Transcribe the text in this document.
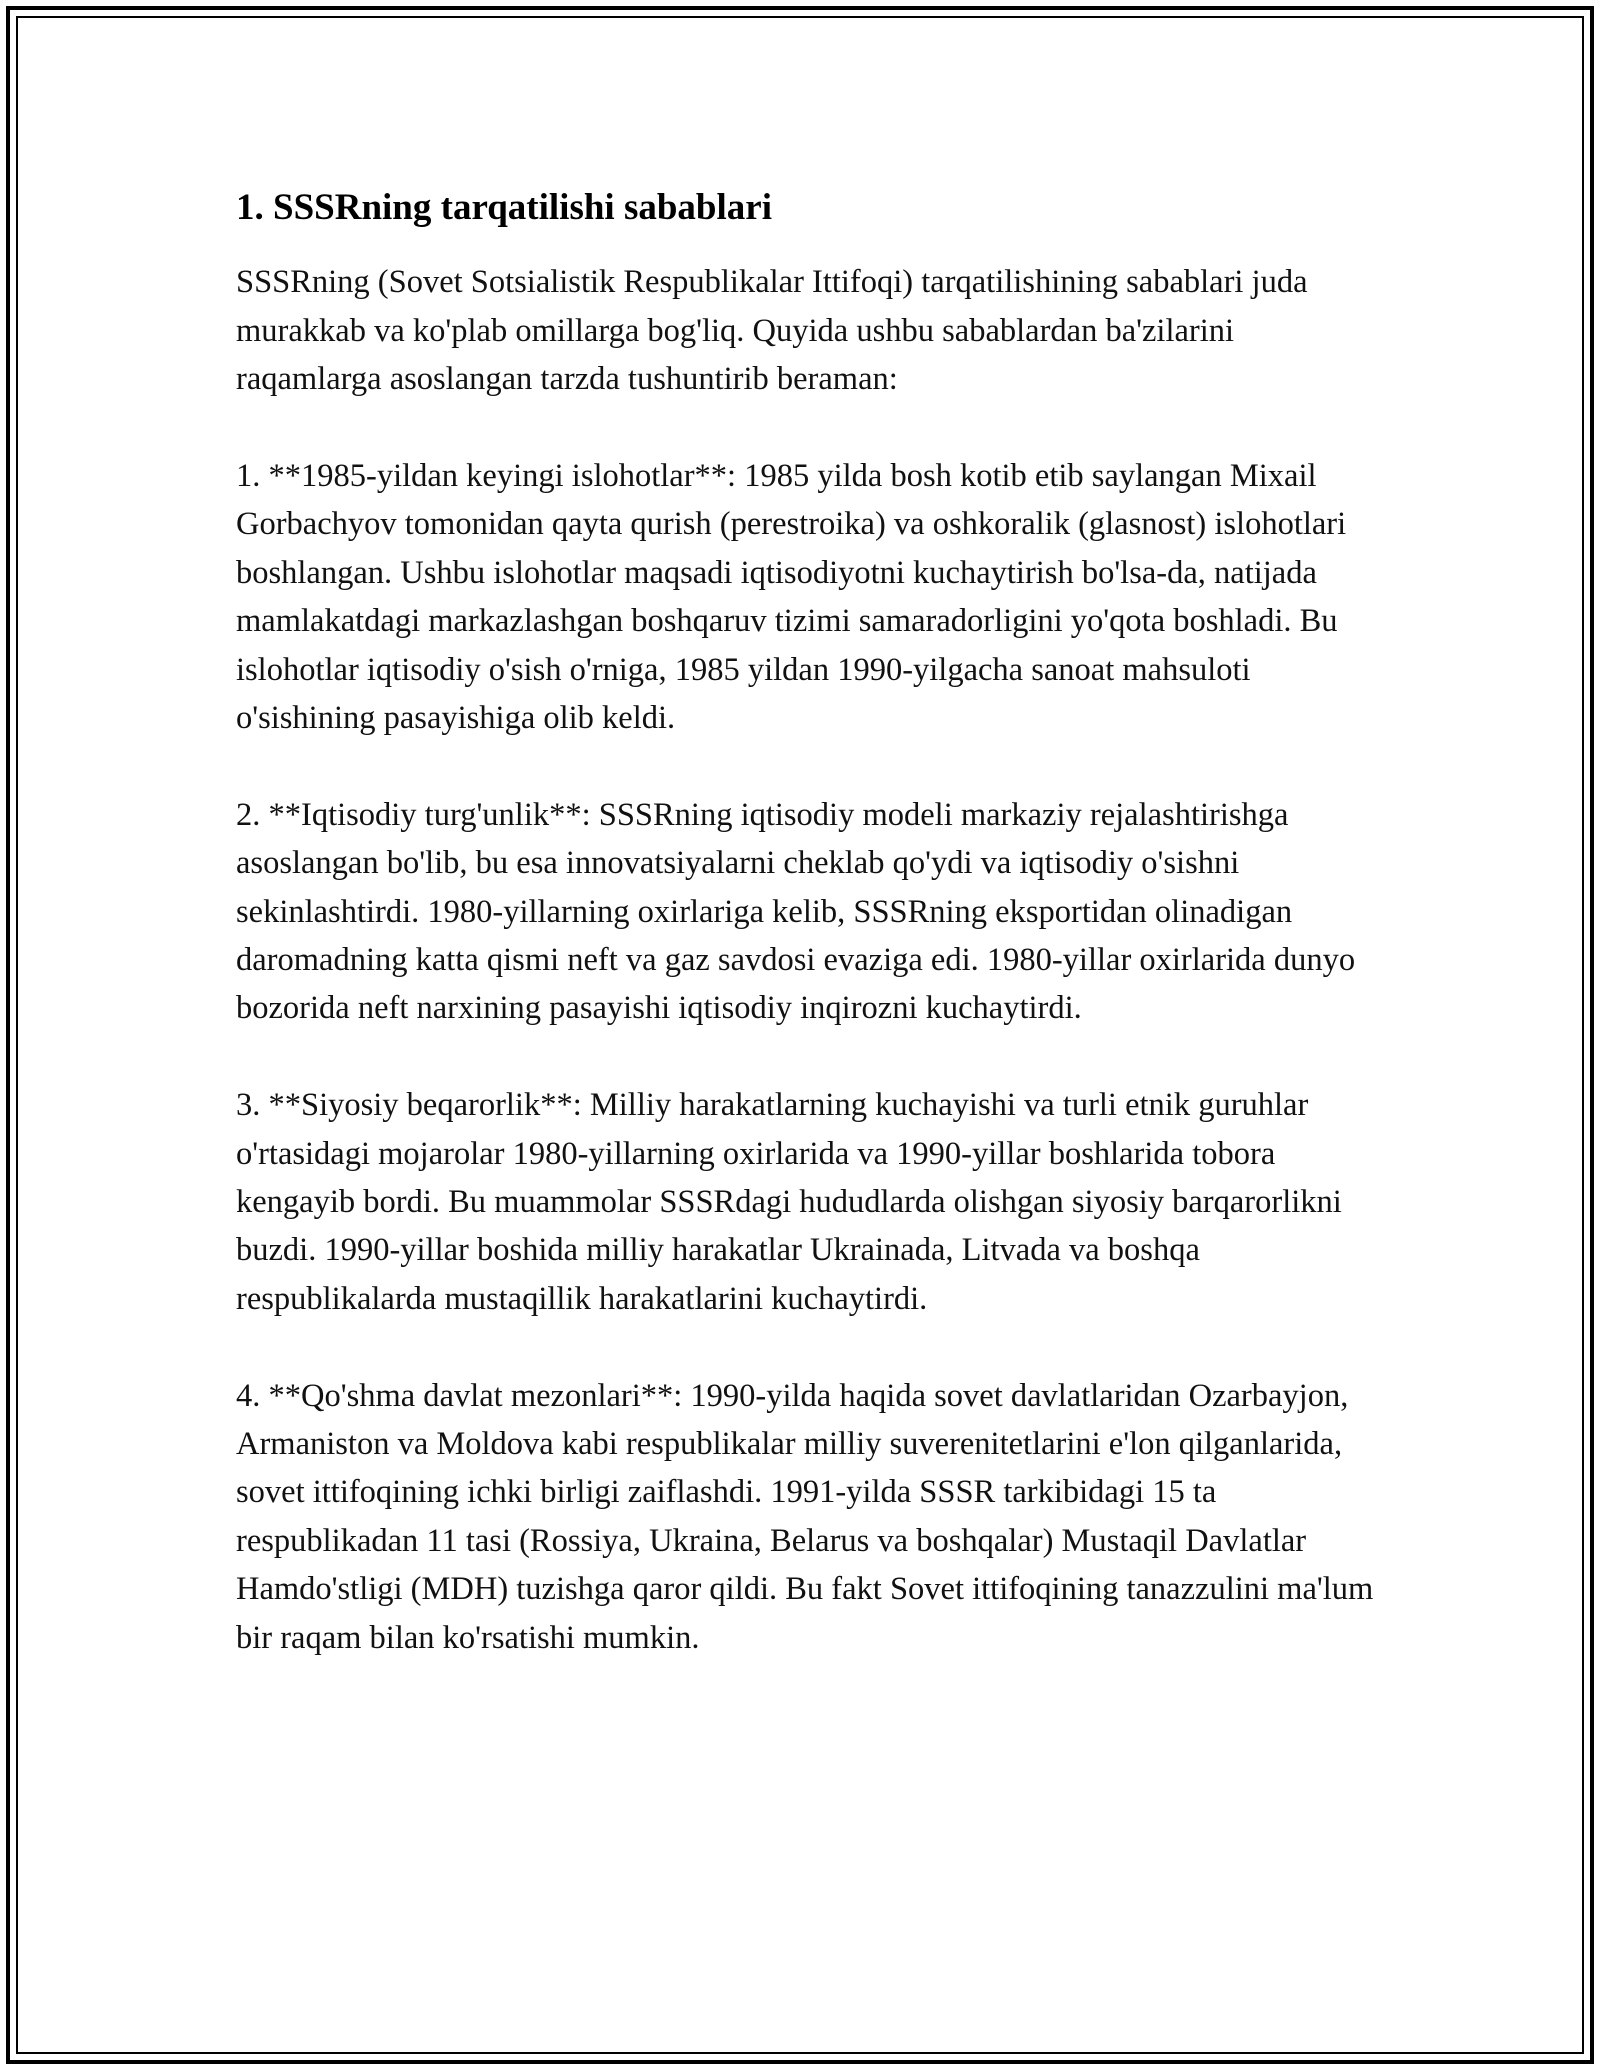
1. SSSRning tarqatilishi sabablari

SSSRning (Sovet Sotsialistik Respublikalar Ittifoqi) tarqatilishining sabablari juda murakkab va ko'plab omillarga bog'liq. Quyida ushbu sabablardan ba'zilarini raqamlarga asoslangan tarzda tushuntirib beraman:

1. **1985-yildan keyingi islohotlar**: 1985 yilda bosh kotib etib saylangan Mixail Gorbachyov tomonidan qayta qurish (perestroika) va oshkoralik (glasnost) islohotlari boshlangan. Ushbu islohotlar maqsadi iqtisodiyotni kuchaytirish bo'lsa-da, natijada mamlakatdagi markazlashgan boshqaruv tizimi samaradorligini yo'qota boshladi. Bu islohotlar iqtisodiy o'sish o'rniga, 1985 yildan 1990-yilgacha sanoat mahsuloti o'sishining pasayishiga olib keldi.

2. **Iqtisodiy turg'unlik**: SSSRning iqtisodiy modeli markaziy rejalashtirishga asoslangan bo'lib, bu esa innovatsiyalarni cheklab qo'ydi va iqtisodiy o'sishni sekinlashtirdi. 1980-yillarning oxirlariga kelib, SSSRning eksportidan olinadigan daromadning katta qismi neft va gaz savdosi evaziga edi. 1980-yillar oxirlarida dunyo bozorida neft narxining pasayishi iqtisodiy inqirozni kuchaytirdi.

3. **Siyosiy beqarorlik**: Milliy harakatlarning kuchayishi va turli etnik guruhlar o'rtasidagi mojarolar 1980-yillarning oxirlarida va 1990-yillar boshlarida tobora kengayib bordi. Bu muammolar SSSRdagi hududlarda olishgan siyosiy barqarorlikni buzdi. 1990-yillar boshida milliy harakatlar Ukrainada, Litvada va boshqa respublikalarda mustaqillik harakatlarini kuchaytirdi.

4. **Qo'shma davlat mezonlari**: 1990-yilda haqida sovet davlatlaridan Ozarbayjon, Armaniston va Moldova kabi respublikalar milliy suverenitetlarini e'lon qilganlarida, sovet ittifoqining ichki birligi zaiflashdi. 1991-yilda SSSR tarkibidagi 15 ta respublikadan 11 tasi (Rossiya, Ukraina, Belarus va boshqalar) Mustaqil Davlatlar Hamdo'stligi (MDH) tuzishga qaror qildi. Bu fakt Sovet ittifoqining tanazzulini ma'lum bir raqam bilan ko'rsatishi mumkin.
